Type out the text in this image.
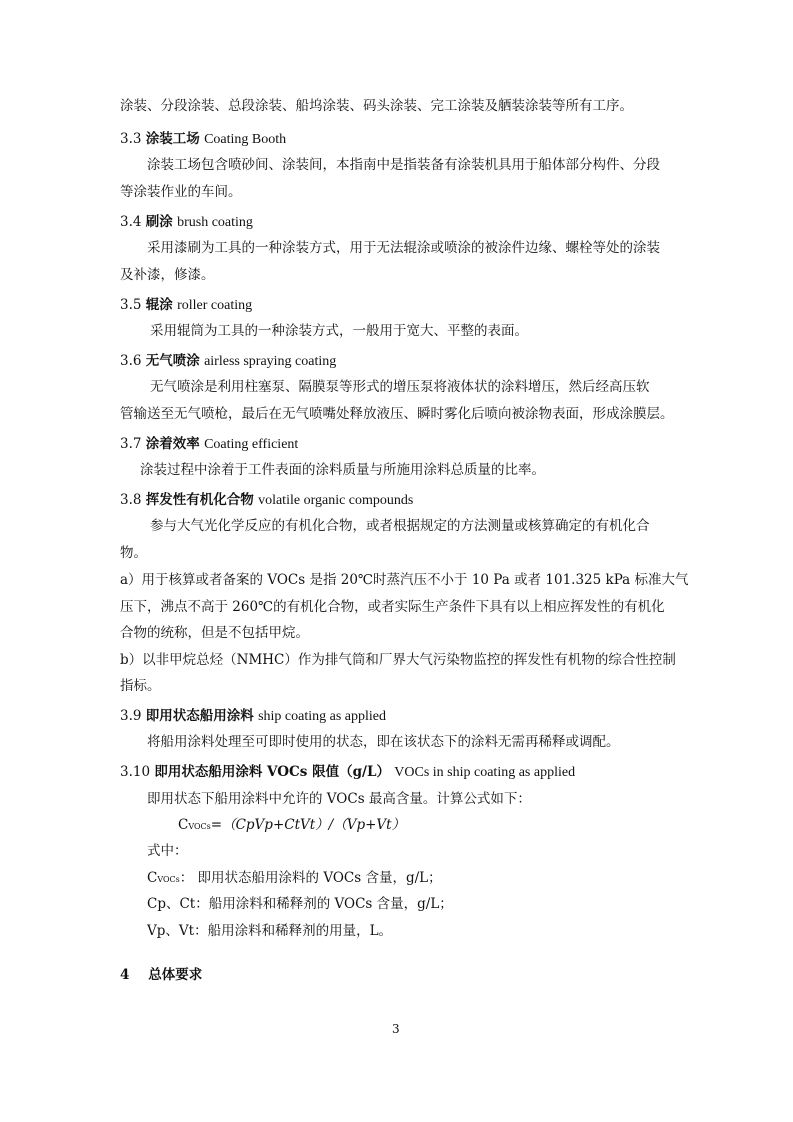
涂装、分段涂装、总段涂装、船坞涂装、码头涂装、完工涂装及舾装涂装等所有工序。
3.3 涂装工场 Coating Booth
涂装工场包含喷砂间、涂装间，本指南中是指装备有涂装机具用于船体部分构件、分段
等涂装作业的车间。
3.4 刷涂 brush coating
采用漆刷为工具的一种涂装方式，用于无法辊涂或喷涂的被涂件边缘、螺栓等处的涂装
及补漆，修漆。
3.5 辊涂 roller coating
采用辊筒为工具的一种涂装方式，一般用于宽大、平整的表面。
3.6 无气喷涂 airless spraying coating
无气喷涂是利用柱塞泵、隔膜泵等形式的增压泵将液体状的涂料增压，然后经高压软
管输送至无气喷枪，最后在无气喷嘴处释放液压、瞬时雾化后喷向被涂物表面，形成涂膜层。
3.7 涂着效率 Coating efficient
涂装过程中涂着于工件表面的涂料质量与所施用涂料总质量的比率。
3.8 挥发性有机化合物 volatile organic compounds
参与大气光化学反应的有机化合物，或者根据规定的方法测量或核算确定的有机化合
物。
a）用于核算或者备案的 VOCs 是指 20℃时蒸汽压不小于 10 Pa 或者 101.325 kPa 标准大气
压下，沸点不高于 260℃的有机化合物，或者实际生产条件下具有以上相应挥发性的有机化
合物的统称，但是不包括甲烷。
b）以非甲烷总烃（NMHC）作为排气筒和厂界大气污染物监控的挥发性有机物的综合性控制
指标。
3.9 即用状态船用涂料 ship coating as applied
将船用涂料处理至可即时使用的状态，即在该状态下的涂料无需再稀释或调配。
3.10 即用状态船用涂料 VOCs 限值（g/L） VOCs in ship coating as applied
即用状态下船用涂料中允许的 VOCs 最高含量。计算公式如下：
CVOCs=（CpVp+CtVt）/（Vp+Vt）
式中：
CVOCs： 即用状态船用涂料的 VOCs 含量，g/L；
Cp、Ct：船用涂料和稀释剂的 VOCs 含量，g/L；
Vp、Vt：船用涂料和稀释剂的用量，L。
4 总体要求
3
